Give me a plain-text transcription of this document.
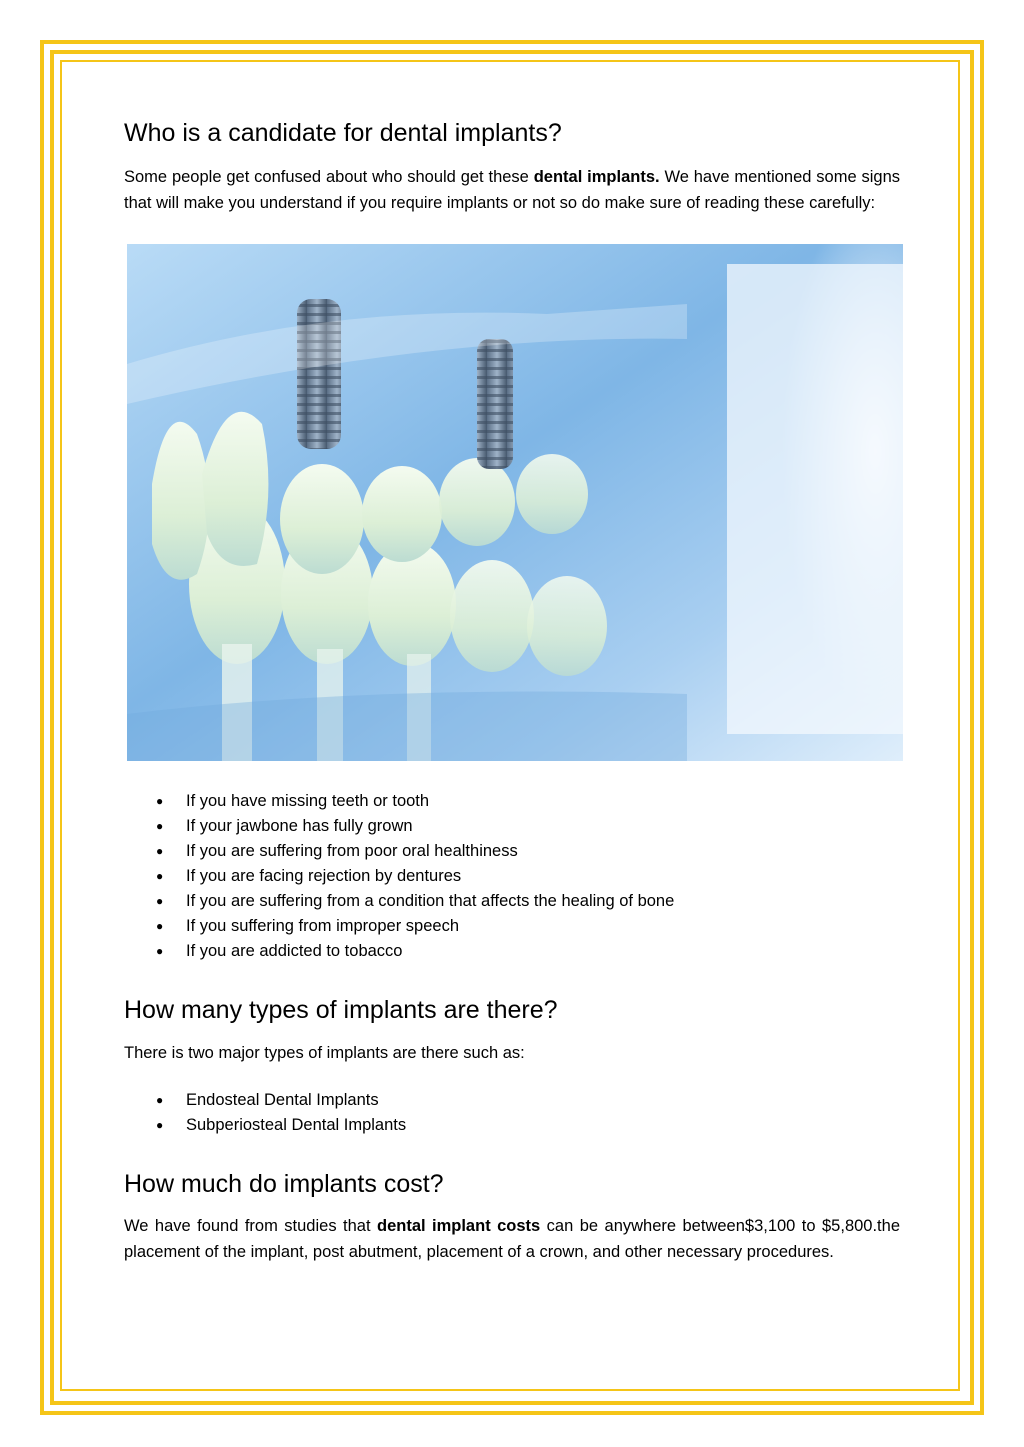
Who is a candidate for dental implants?

Some people get confused about who should get these dental implants. We have mentioned some signs that will make you understand if you require implants or not so do make sure of reading these carefully:

● If you have missing teeth or tooth
● If your jawbone has fully grown
● If you are suffering from poor oral healthiness
● If you are facing rejection by dentures
● If you are suffering from a condition that affects the healing of bone
● If you suffering from improper speech
● If you are addicted to tobacco
How many types of implants are there?

There is two major types of implants are there such as:

● Endosteal Dental Implants
● Subperiosteal Dental Implants
How much do implants cost?

We have found from studies that dental implant costs can be anywhere between$3,100 to $5,800.the placement of the implant, post abutment, placement of a crown, and other necessary procedures.
